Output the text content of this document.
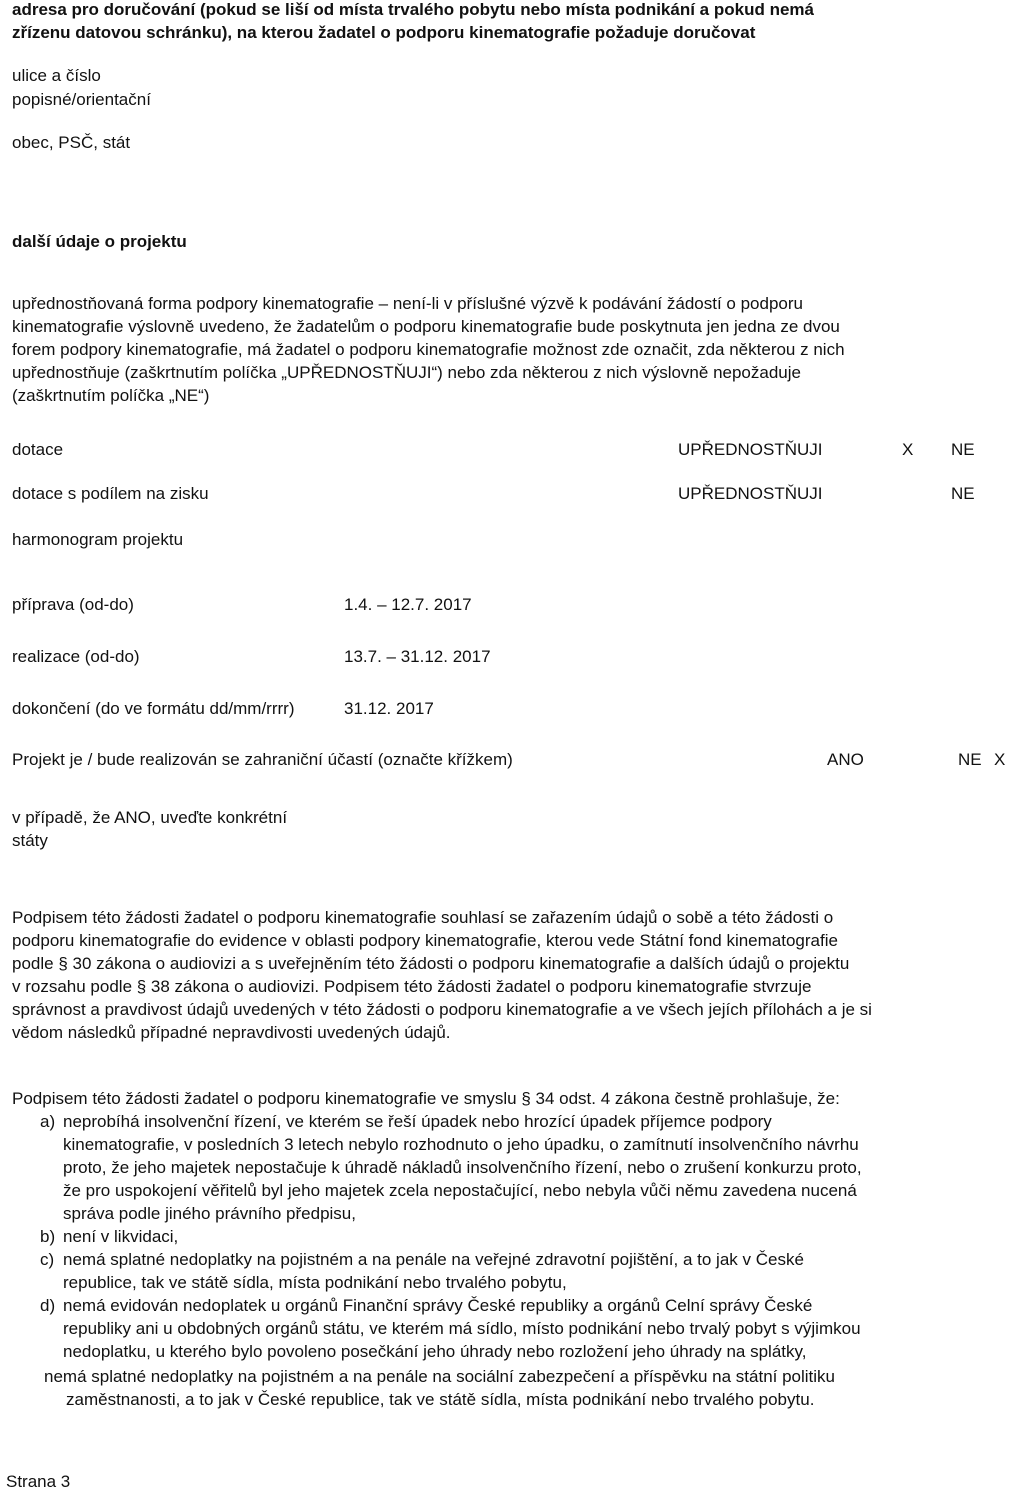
adresa pro doručování (pokud se liší od místa trvalého pobytu nebo místa podnikání a pokud nemá
zřízenu datovou schránku), na kterou žadatel o podporu kinematografie požaduje doručovat
ulice a číslo
popisné/orientační
obec, PSČ, stát
další údaje o projektu
upřednostňovaná forma podpory kinematografie – není-li v příslušné výzvě k podávání žádostí o podporu
kinematografie výslovně uvedeno, že žadatelům o podporu kinematografie bude poskytnuta jen jedna ze dvou
forem podpory kinematografie, má žadatel o podporu kinematografie možnost zde označit, zda některou z nich
upřednostňuje (zaškrtnutím políčka „UPŘEDNOSTŇUJI“) nebo zda některou z nich výslovně nepožaduje
(zaškrtnutím políčka „NE“)
dotace	UPŘEDNOSTŇUJI	X NE
dotace s podílem na zisku	UPŘEDNOSTŇUJI	NE
harmonogram projektu
příprava (od-do)	1.4. – 12.7. 2017
realizace (od-do)	13.7. – 31.12. 2017
dokončení (do ve formátu dd/mm/rrrr)	31.12. 2017
Projekt je / bude realizován se zahraniční účastí (označte křížkem)	ANO	NE X
v případě, že ANO, uveďte konkrétní
státy
Podpisem této žádosti žadatel o podporu kinematografie souhlasí se zařazením údajů o sobě a této žádosti o
podporu kinematografie do evidence v oblasti podpory kinematografie, kterou vede Státní fond kinematografie
podle § 30 zákona o audiovizi a s uveřejněním této žádosti o podporu kinematografie a dalších údajů o projektu
v rozsahu podle § 38 zákona o audiovizi. Podpisem této žádosti žadatel o podporu kinematografie stvrzuje
správnost a pravdivost údajů uvedených v této žádosti o podporu kinematografie a ve všech jejích přílohách a je si
vědom následků případné nepravdivosti uvedených údajů.
Podpisem této žádosti žadatel o podporu kinematografie ve smyslu § 34 odst. 4 zákona čestně prohlašuje, že:
a) neprobíhá insolvenční řízení, ve kterém se řeší úpadek nebo hrozící úpadek příjemce podpory
kinematografie, v posledních 3 letech nebylo rozhodnuto o jeho úpadku, o zamítnutí insolvenčního návrhu
proto, že jeho majetek nepostačuje k úhradě nákladů insolvenčního řízení, nebo o zrušení konkurzu proto,
že pro uspokojení věřitelů byl jeho majetek zcela nepostačující, nebo nebyla vůči němu zavedena nucená
správa podle jiného právního předpisu,
b) není v likvidaci,
c) nemá splatné nedoplatky na pojistném a na penále na veřejné zdravotní pojištění, a to jak v České
republice, tak ve státě sídla, místa podnikání nebo trvalého pobytu,
d) nemá evidován nedoplatek u orgánů Finanční správy České republiky a orgánů Celní správy České
republiky ani u obdobných orgánů státu, ve kterém má sídlo, místo podnikání nebo trvalý pobyt s výjimkou
nedoplatku, u kterého bylo povoleno posečkání jeho úhrady nebo rozložení jeho úhrady na splátky,
nemá splatné nedoplatky na pojistném a na penále na sociální zabezpečení a příspěvku na státní politiku
zaměstnanosti, a to jak v České republice, tak ve státě sídla, místa podnikání nebo trvalého pobytu.
Strana 3
